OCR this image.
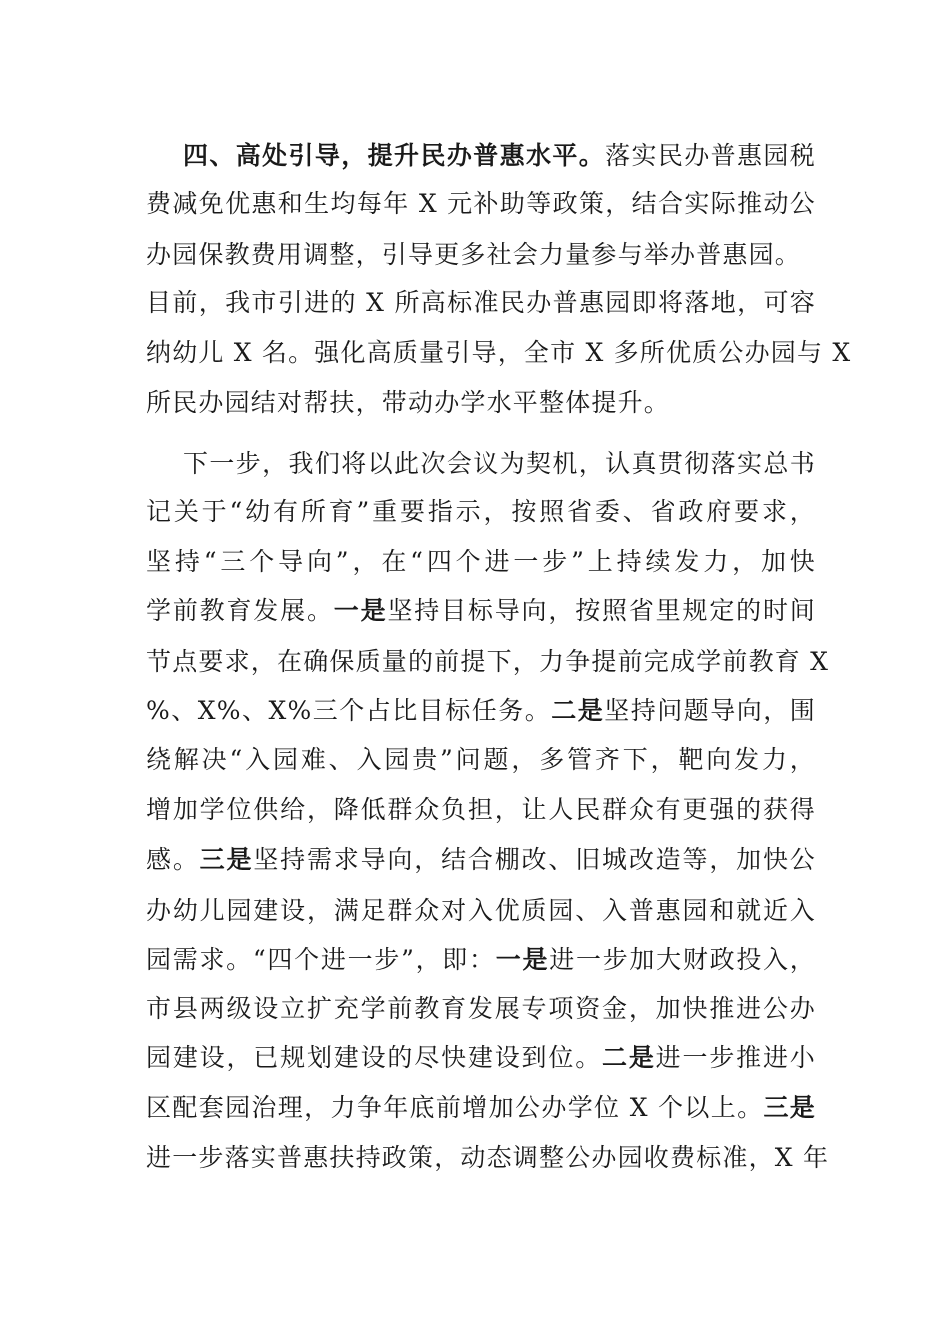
四、高处引导，提升民办普惠水平。落实民办普惠园税
费减免优惠和生均每年 X 元补助等政策，结合实际推动公
办园保教费用调整，引导更多社会力量参与举办普惠园。
目前，我市引进的 X 所高标准民办普惠园即将落地，可容
纳幼儿 X 名。强化高质量引导，全市 X 多所优质公办园与 X
所民办园结对帮扶，带动办学水平整体提升。
下一步，我们将以此次会议为契机，认真贯彻落实总书
记关于“幼有所育”重要指示，按照省委、省政府要求，
坚持“三个导向”，在“四个进一步”上持续发力，加快
学前教育发展。一是坚持目标导向，按照省里规定的时间
节点要求，在确保质量的前提下，力争提前完成学前教育 X
%、X%、X%三个占比目标任务。二是坚持问题导向，围
绕解决“入园难、入园贵”问题，多管齐下，靶向发力，
增加学位供给，降低群众负担，让人民群众有更强的获得
感。三是坚持需求导向，结合棚改、旧城改造等，加快公
办幼儿园建设，满足群众对入优质园、入普惠园和就近入
园需求。“四个进一步”，即：一是进一步加大财政投入，
市县两级设立扩充学前教育发展专项资金，加快推进公办
园建设，已规划建设的尽快建设到位。二是进一步推进小
区配套园治理，力争年底前增加公办学位 X 个以上。三是
进一步落实普惠扶持政策，动态调整公办园收费标准，X 年
